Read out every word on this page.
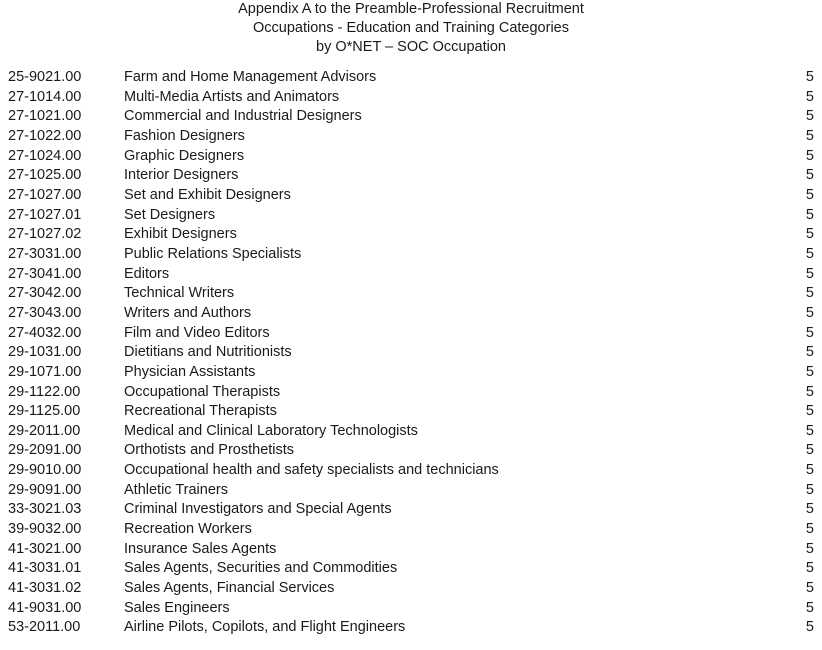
Appendix A to the Preamble-Professional Recruitment
Occupations - Education and Training Categories
by O*NET – SOC Occupation
25-9021.00	Farm and Home Management Advisors	5
27-1014.00	Multi-Media Artists and Animators	5
27-1021.00	Commercial and Industrial Designers	5
27-1022.00	Fashion Designers	5
27-1024.00	Graphic Designers	5
27-1025.00	Interior Designers	5
27-1027.00	Set and Exhibit Designers	5
27-1027.01	Set Designers	5
27-1027.02	Exhibit Designers	5
27-3031.00	Public Relations Specialists	5
27-3041.00	Editors	5
27-3042.00	Technical Writers	5
27-3043.00	Writers and Authors	5
27-4032.00	Film and Video Editors	5
29-1031.00	Dietitians and Nutritionists	5
29-1071.00	Physician Assistants	5
29-1122.00	Occupational Therapists	5
29-1125.00	Recreational Therapists	5
29-2011.00	Medical and Clinical Laboratory Technologists	5
29-2091.00	Orthotists and Prosthetists	5
29-9010.00	Occupational health and safety specialists and technicians	5
29-9091.00	Athletic Trainers	5
33-3021.03	Criminal Investigators and Special Agents	5
39-9032.00	Recreation Workers	5
41-3021.00	Insurance Sales Agents	5
41-3031.01	Sales Agents, Securities and Commodities	5
41-3031.02	Sales Agents, Financial Services	5
41-9031.00	Sales Engineers	5
53-2011.00	Airline Pilots, Copilots, and Flight Engineers	5
